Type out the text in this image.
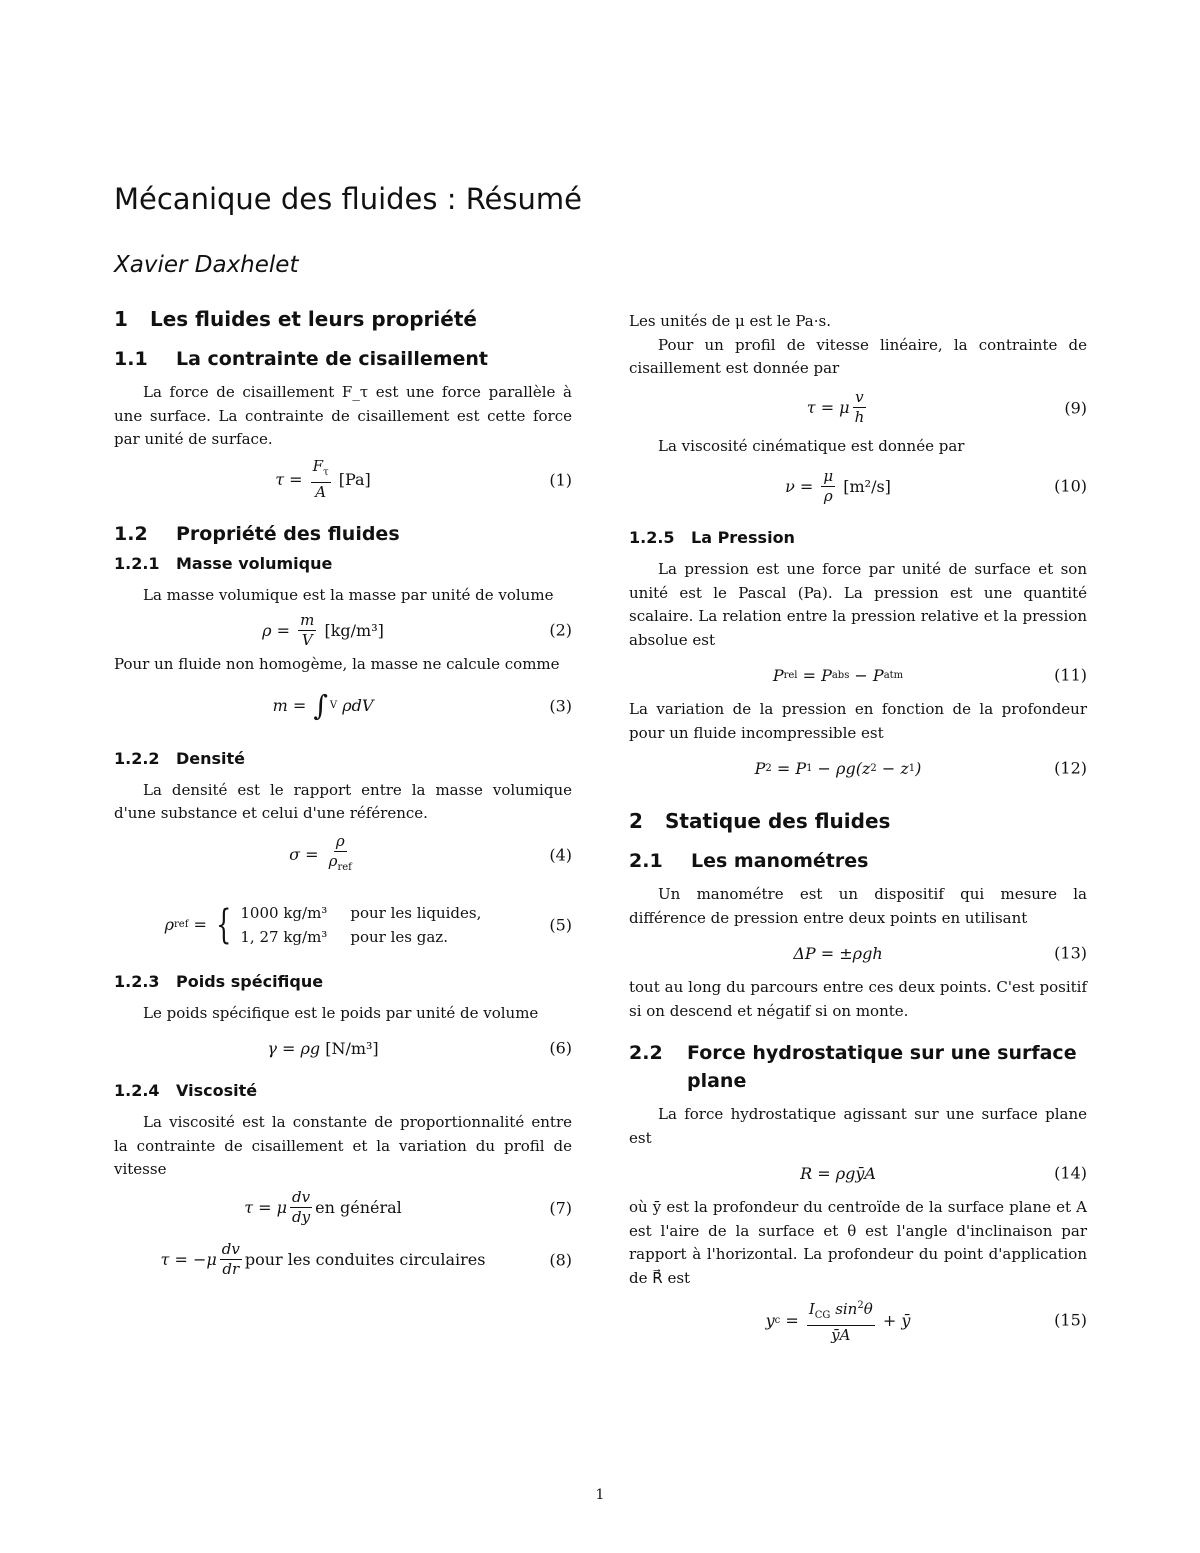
Mécanique des fluides : Résumé
Xavier Daxhelet
1 Les fluides et leurs propriété
1.1 La contrainte de cisaillement

La force de cisaillement F_τ est une force parallèle à une surface. La contrainte de cisaillement est cette force par unité de surface.

$\tau = \frac{F_\tau}{A}$
[Pa]	(1)
1.2 Propriété des fluides
1.2.1 Masse volumique

La masse volumique est la masse par unité de volume

$\rho = \frac{m}{V}$
[kg/m³]	(2)

Pour un fluide non homogème, la masse ne calcule comme

m = ∫ V ρdV	(3)
1.2.2 Densité

La densité est le rapport entre la masse volumique d'une substance et celui d'une référence.

$\sigma = \frac{\rho}{\rho_{ref}}$	(4)
ρ ref = { 1000 kg/m³ pour les liquides,
1, 27 kg/m³ pour les gaz.
(5)
1.2.3 Poids spécifique

Le poids spécifique est le poids par unité de volume

γ = ρg [N/m³]	(6)
1.2.4 Viscosité

La viscosité est la constante de proportionnalité entre la contrainte de cisaillement et la variation du profil de vitesse

τ = μ $\frac{dv}{dy}$ en général	(7)
$\tau = -\mu \frac{dv}{dr}$ pour les conduites circulaires	(8)

Les unités de μ est le Pa·s.

Pour un profil de vitesse linéaire, la contrainte de cisaillement est donnée par

τ = μ $\frac{v}{h}$	(9)

La viscosité cinématique est donnée par

$\nu = \frac{\mu}{\rho}$
[m²/s]	(10)
1.2.5 La Pression

La pression est une force par unité de surface et son unité est le Pascal (Pa). La pression est une quantité scalaire. La relation entre la pression relative et la pression absolue est

P rel = P abs − P atm	(11)

La variation de la pression en fonction de la profondeur pour un fluide incompressible est

P 2 = P 1 − ρg(z 2 − z 1 )	(12)
2 Statique des fluides
2.1 Les manométres

Un manométre est un dispositif qui mesure la différence de pression entre deux points en utilisant

ΔP = ±ρgh	(13)

tout au long du parcours entre ces deux points. C'est positif si on descend et négatif si on monte.

2.2	Force hydrostatique sur une surface plane

La force hydrostatique agissant sur une surface plane est

R = ρgȳA	(14)

où ȳ est la profondeur du centroïde de la surface plane et A est l'aire de la surface et θ est l'angle d'inclinaison par rapport à l'horizontal. La profondeur du point d'application de R⃗ est

y $c = \frac{I_{CG} \sin^2\theta}{ȳA}$ + ȳ	(15)
1
